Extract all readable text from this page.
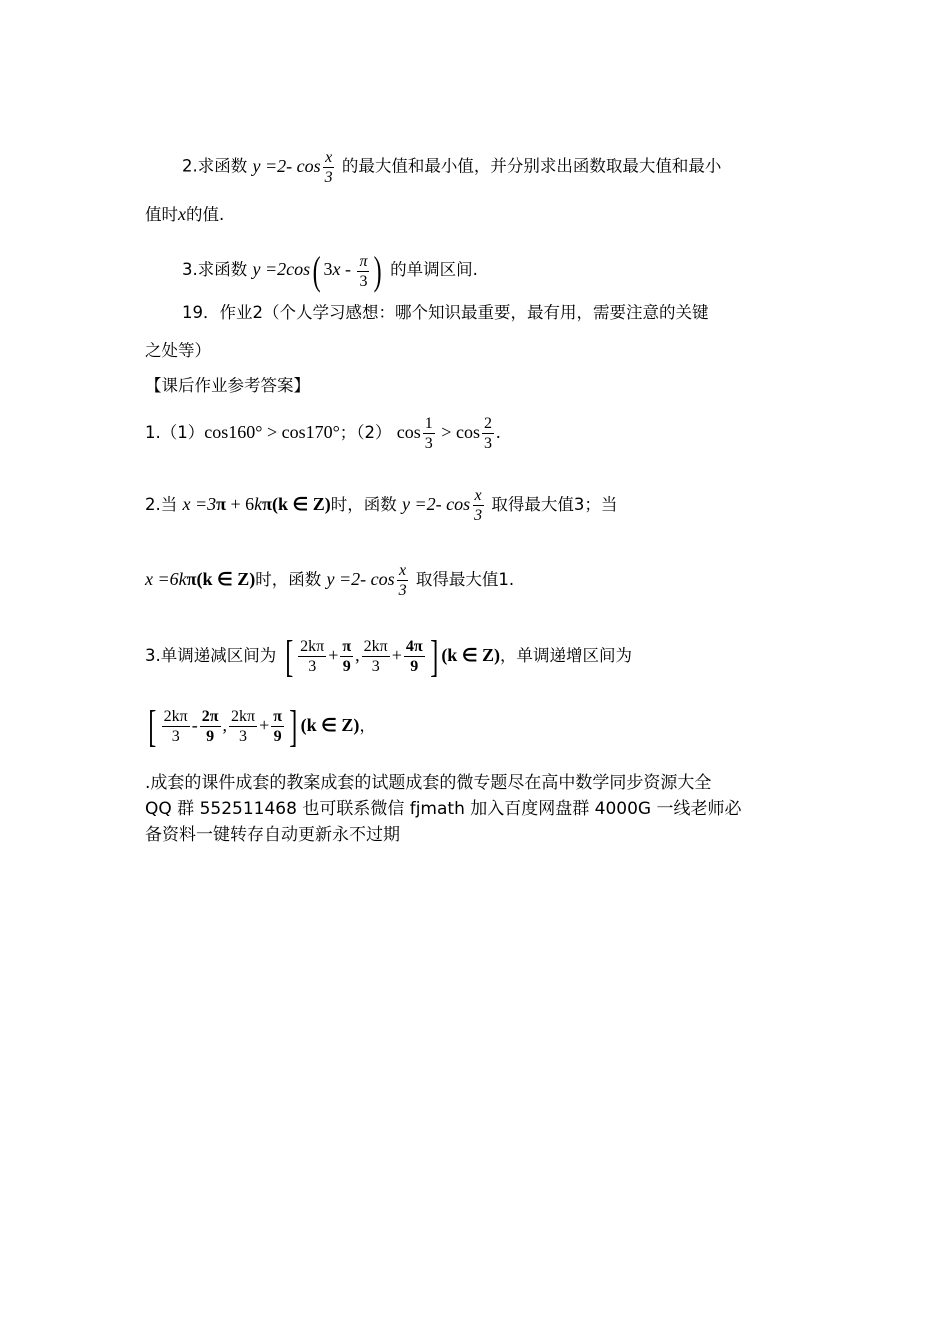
2.求函数 y =2- $\cos \frac{x}{3}$ 的最大值和最小值，并分别求出函数取最大值和最小
值时x的值.
3.求函数 y =2cos( $3x - \frac{\pi}{3}$ ) 的单调区间.
19．作业2（个人学习感想：哪个知识最重要，最有用，需要注意的关键
之处等）
【课后作业参考答案】
1.（1）cos160° > cos170°；（2） $\cos \frac{1}{3} > \cos \frac{2}{3}$ .
2.当 x =3π + 6kπ(k ∈ Z)时，函数 y =2- $\cos \frac{x}{3}$ 取得最大值3；当
x =6kπ(k ∈ Z)时，函数 y =2- $\cos \frac{x}{3}$ 取得最大值1.
3.单调递减区间为 [ $\frac{2k\pi}{3} + \frac{\pi}{9}$ , $\frac{2k\pi}{3} + \frac{4\pi}{9}$ ] (k ∈ Z)，单调递增区间为
[ $\frac{2k\pi}{3} - \frac{2\pi}{9}$ , $\frac{2k\pi}{3} + \frac{\pi}{9}$ ] (k ∈ Z)，
.成套的课件成套的教案成套的试题成套的微专题尽在高中数学同步资源大全
QQ 群 552511468 也可联系微信 fjmath 加入百度网盘群 4000G 一线老师必
备资料一键转存自动更新永不过期
